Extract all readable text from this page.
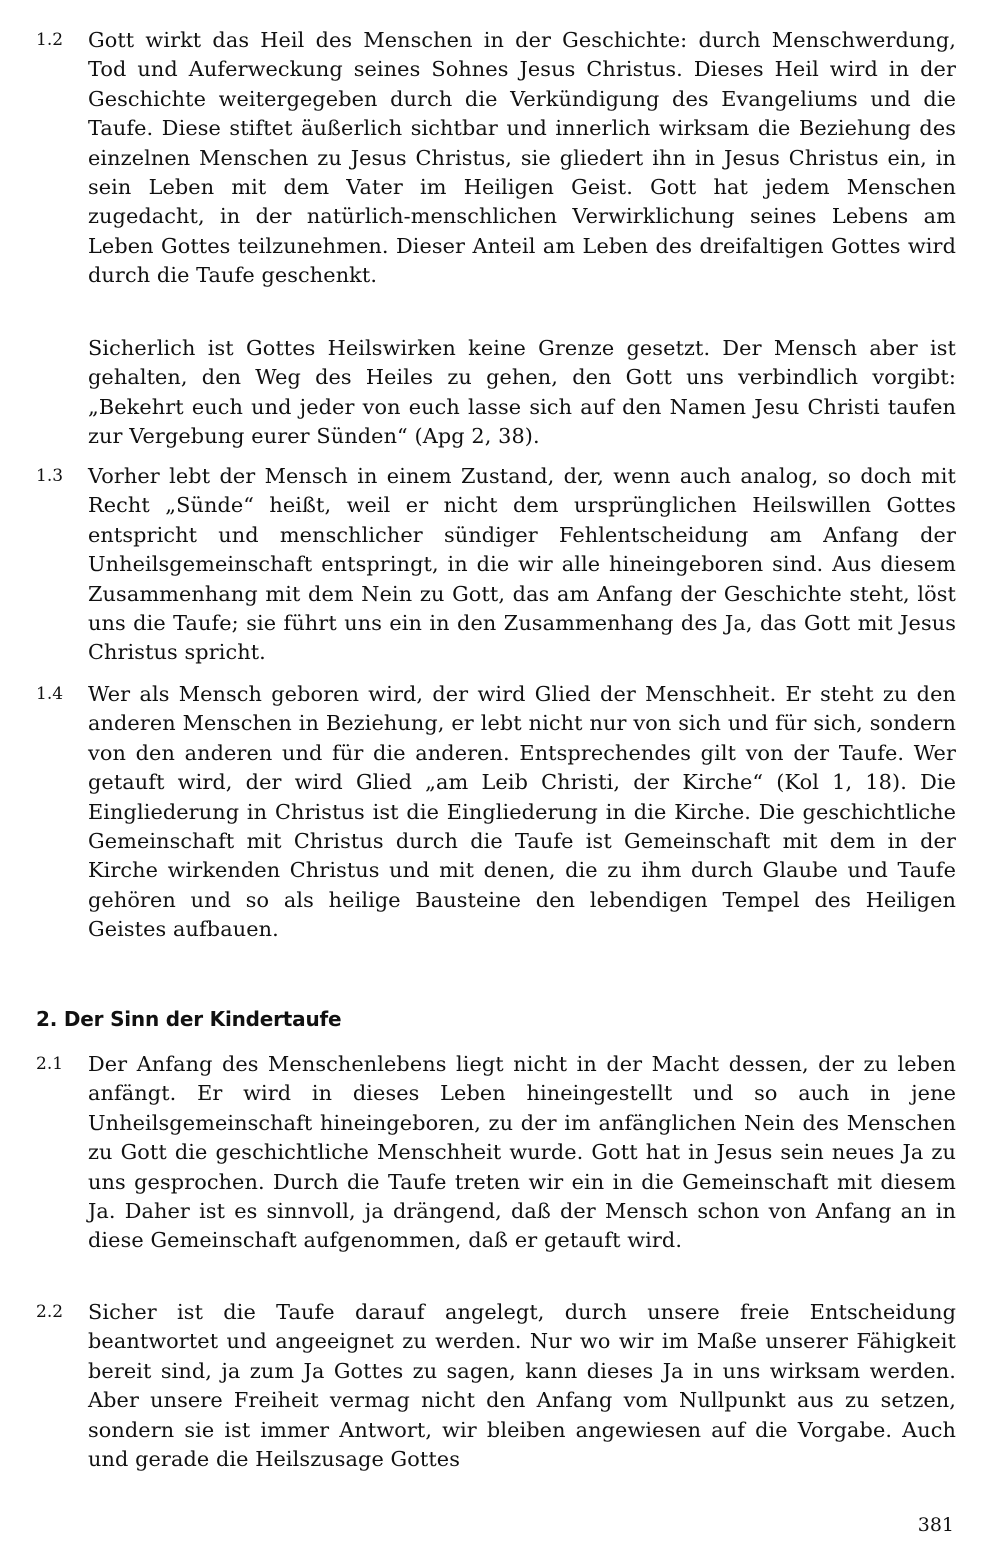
1.2	Gott wirkt das Heil des Menschen in der Geschichte: durch Menschwerdung, Tod und Auferweckung seines Sohnes Jesus Christus. Dieses Heil wird in der Geschichte weitergegeben durch die Verkündigung des Evangeliums und die Taufe. Diese stiftet äußerlich sichtbar und innerlich wirksam die Beziehung des einzelnen Menschen zu Jesus Christus, sie gliedert ihn in Jesus Christus ein, in sein Leben mit dem Vater im Heiligen Geist. Gott hat jedem Menschen zugedacht, in der natürlich-menschlichen Verwirklichung seines Lebens am Leben Gottes teilzunehmen. Dieser Anteil am Leben des dreifaltigen Gottes wird durch die Taufe geschenkt.
Sicherlich ist Gottes Heilswirken keine Grenze gesetzt. Der Mensch aber ist gehalten, den Weg des Heiles zu gehen, den Gott uns verbindlich vorgibt: „Bekehrt euch und jeder von euch lasse sich auf den Namen Jesu Christi taufen zur Vergebung eurer Sünden“ (Apg 2, 38).
1.3	Vorher lebt der Mensch in einem Zustand, der, wenn auch analog, so doch mit Recht „Sünde“ heißt, weil er nicht dem ursprünglichen Heilswillen Gottes entspricht und menschlicher sündiger Fehlentscheidung am Anfang der Unheilsgemeinschaft entspringt, in die wir alle hineingeboren sind. Aus diesem Zusammenhang mit dem Nein zu Gott, das am Anfang der Geschichte steht, löst uns die Taufe; sie führt uns ein in den Zusammenhang des Ja, das Gott mit Jesus Christus spricht.
1.4	Wer als Mensch geboren wird, der wird Glied der Menschheit. Er steht zu den anderen Menschen in Beziehung, er lebt nicht nur von sich und für sich, sondern von den anderen und für die anderen. Entsprechendes gilt von der Taufe. Wer getauft wird, der wird Glied „am Leib Christi, der Kirche“ (Kol 1, 18). Die Eingliederung in Christus ist die Eingliederung in die Kirche. Die geschichtliche Gemeinschaft mit Christus durch die Taufe ist Gemeinschaft mit dem in der Kirche wirkenden Christus und mit denen, die zu ihm durch Glaube und Taufe gehören und so als heilige Bausteine den lebendigen Tempel des Heiligen Geistes aufbauen.
2. Der Sinn der Kindertaufe
2.1	Der Anfang des Menschenlebens liegt nicht in der Macht dessen, der zu leben anfängt. Er wird in dieses Leben hineingestellt und so auch in jene Unheilsgemeinschaft hineingeboren, zu der im anfänglichen Nein des Menschen zu Gott die geschichtliche Menschheit wurde. Gott hat in Jesus sein neues Ja zu uns gesprochen. Durch die Taufe treten wir ein in die Gemeinschaft mit diesem Ja. Daher ist es sinnvoll, ja drängend, daß der Mensch schon von Anfang an in diese Gemeinschaft aufgenommen, daß er getauft wird.
2.2	Sicher ist die Taufe darauf angelegt, durch unsere freie Entscheidung beantwortet und angeeignet zu werden. Nur wo wir im Maße unserer Fähigkeit bereit sind, ja zum Ja Gottes zu sagen, kann dieses Ja in uns wirksam werden. Aber unsere Freiheit vermag nicht den Anfang vom Nullpunkt aus zu setzen, sondern sie ist immer Antwort, wir bleiben angewiesen auf die Vorgabe. Auch und gerade die Heilszusage Gottes
381
